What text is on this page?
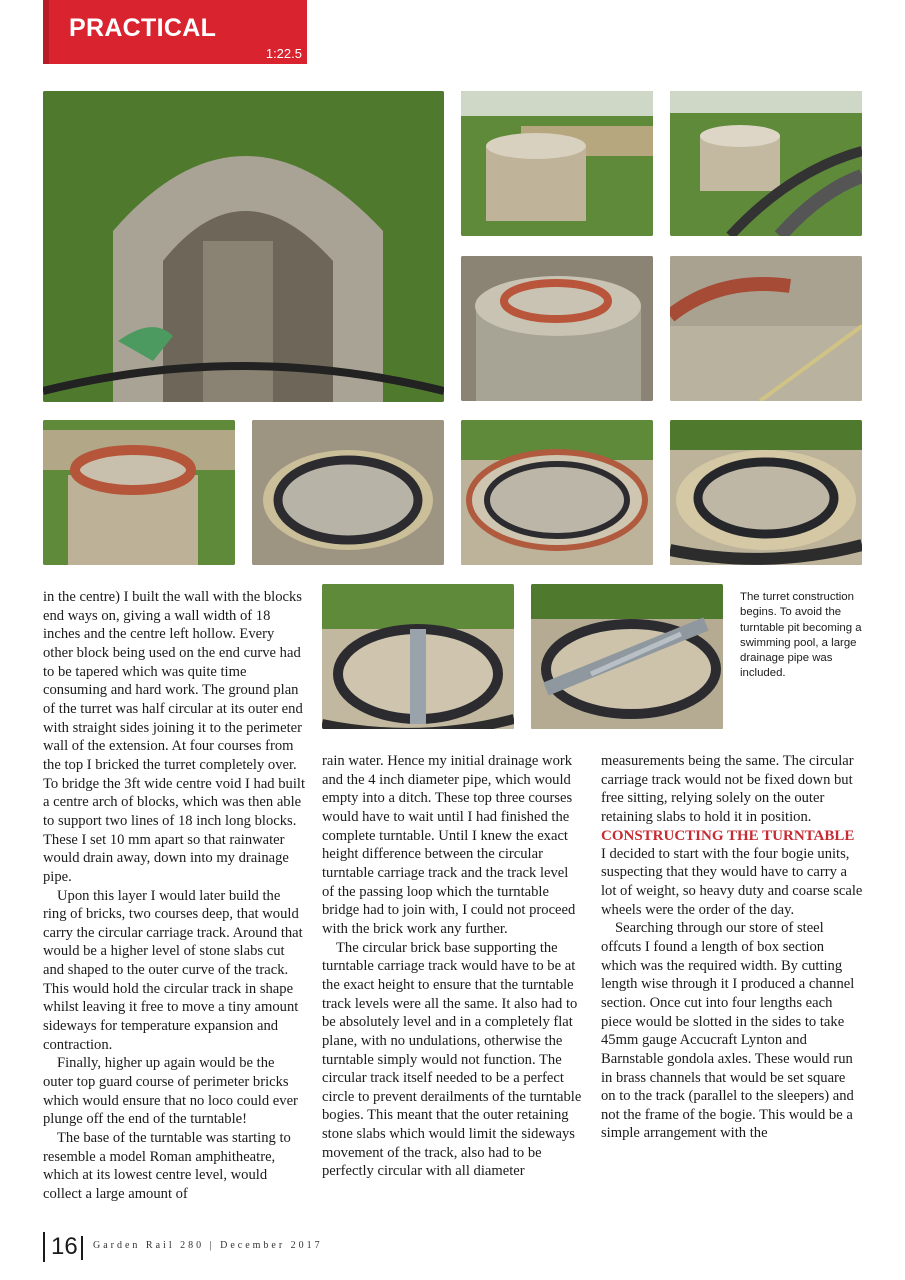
PRACTICAL
1:22.5
The turret construction begins. To avoid the turntable pit becoming a swimming pool, a large drainage pipe was included.

in the centre) I built the wall with the blocks end ways on, giving a wall width of 18 inches and the centre left hollow. Every other block being used on the end curve had to be tapered which was quite time consuming and hard work. The ground plan of the turret was half circular at its outer end with straight sides joining it to the perimeter wall of the extension. At four courses from the top I bricked the turret completely over. To bridge the 3ft wide centre void I had built a centre arch of blocks, which was then able to support two lines of 18 inch long blocks. These I set 10 mm apart so that rainwater would drain away, down into my drainage pipe.

Upon this layer I would later build the ring of bricks, two courses deep, that would carry the circular carriage track. Around that would be a higher level of stone slabs cut and shaped to the outer curve of the track. This would hold the circular track in shape whilst leaving it free to move a tiny amount sideways for temperature expansion and contraction.

Finally, higher up again would be the outer top guard course of perimeter bricks which would ensure that no loco could ever plunge off the end of the turntable!

The base of the turntable was starting to resemble a model Roman amphitheatre, which at its lowest centre level, would collect a large amount of

rain water. Hence my initial drainage work and the 4 inch diameter pipe, which would empty into a ditch. These top three courses would have to wait until I had finished the complete turntable. Until I knew the exact height difference between the circular turntable carriage track and the track level of the passing loop which the turntable bridge had to join with, I could not proceed with the brick work any further.

The circular brick base supporting the turntable carriage track would have to be at the exact height to ensure that the turntable track levels were all the same. It also had to be absolutely level and in a completely flat plane, with no undulations, otherwise the turntable simply would not function. The circular track itself needed to be a perfect circle to prevent derailments of the turntable bogies. This meant that the outer retaining stone slabs which would limit the sideways movement of the track, also had to be perfectly circular with all diameter

measurements being the same. The circular carriage track would not be fixed down but free sitting, relying solely on the outer retaining slabs to hold it in position.

CONSTRUCTING THE TURNTABLE

I decided to start with the four bogie units, suspecting that they would have to carry a lot of weight, so heavy duty and coarse scale wheels were the order of the day.

Searching through our store of steel offcuts I found a length of box section which was the required width. By cutting length wise through it I produced a channel section. Once cut into four lengths each piece would be slotted in the sides to take 45mm gauge Accucraft Lynton and Barnstable gondola axles. These would run in brass channels that would be set square on to the track (parallel to the sleepers) and not the frame of the bogie. This would be a simple arrangement with the

16 Garden Rail 280 | December 2017
